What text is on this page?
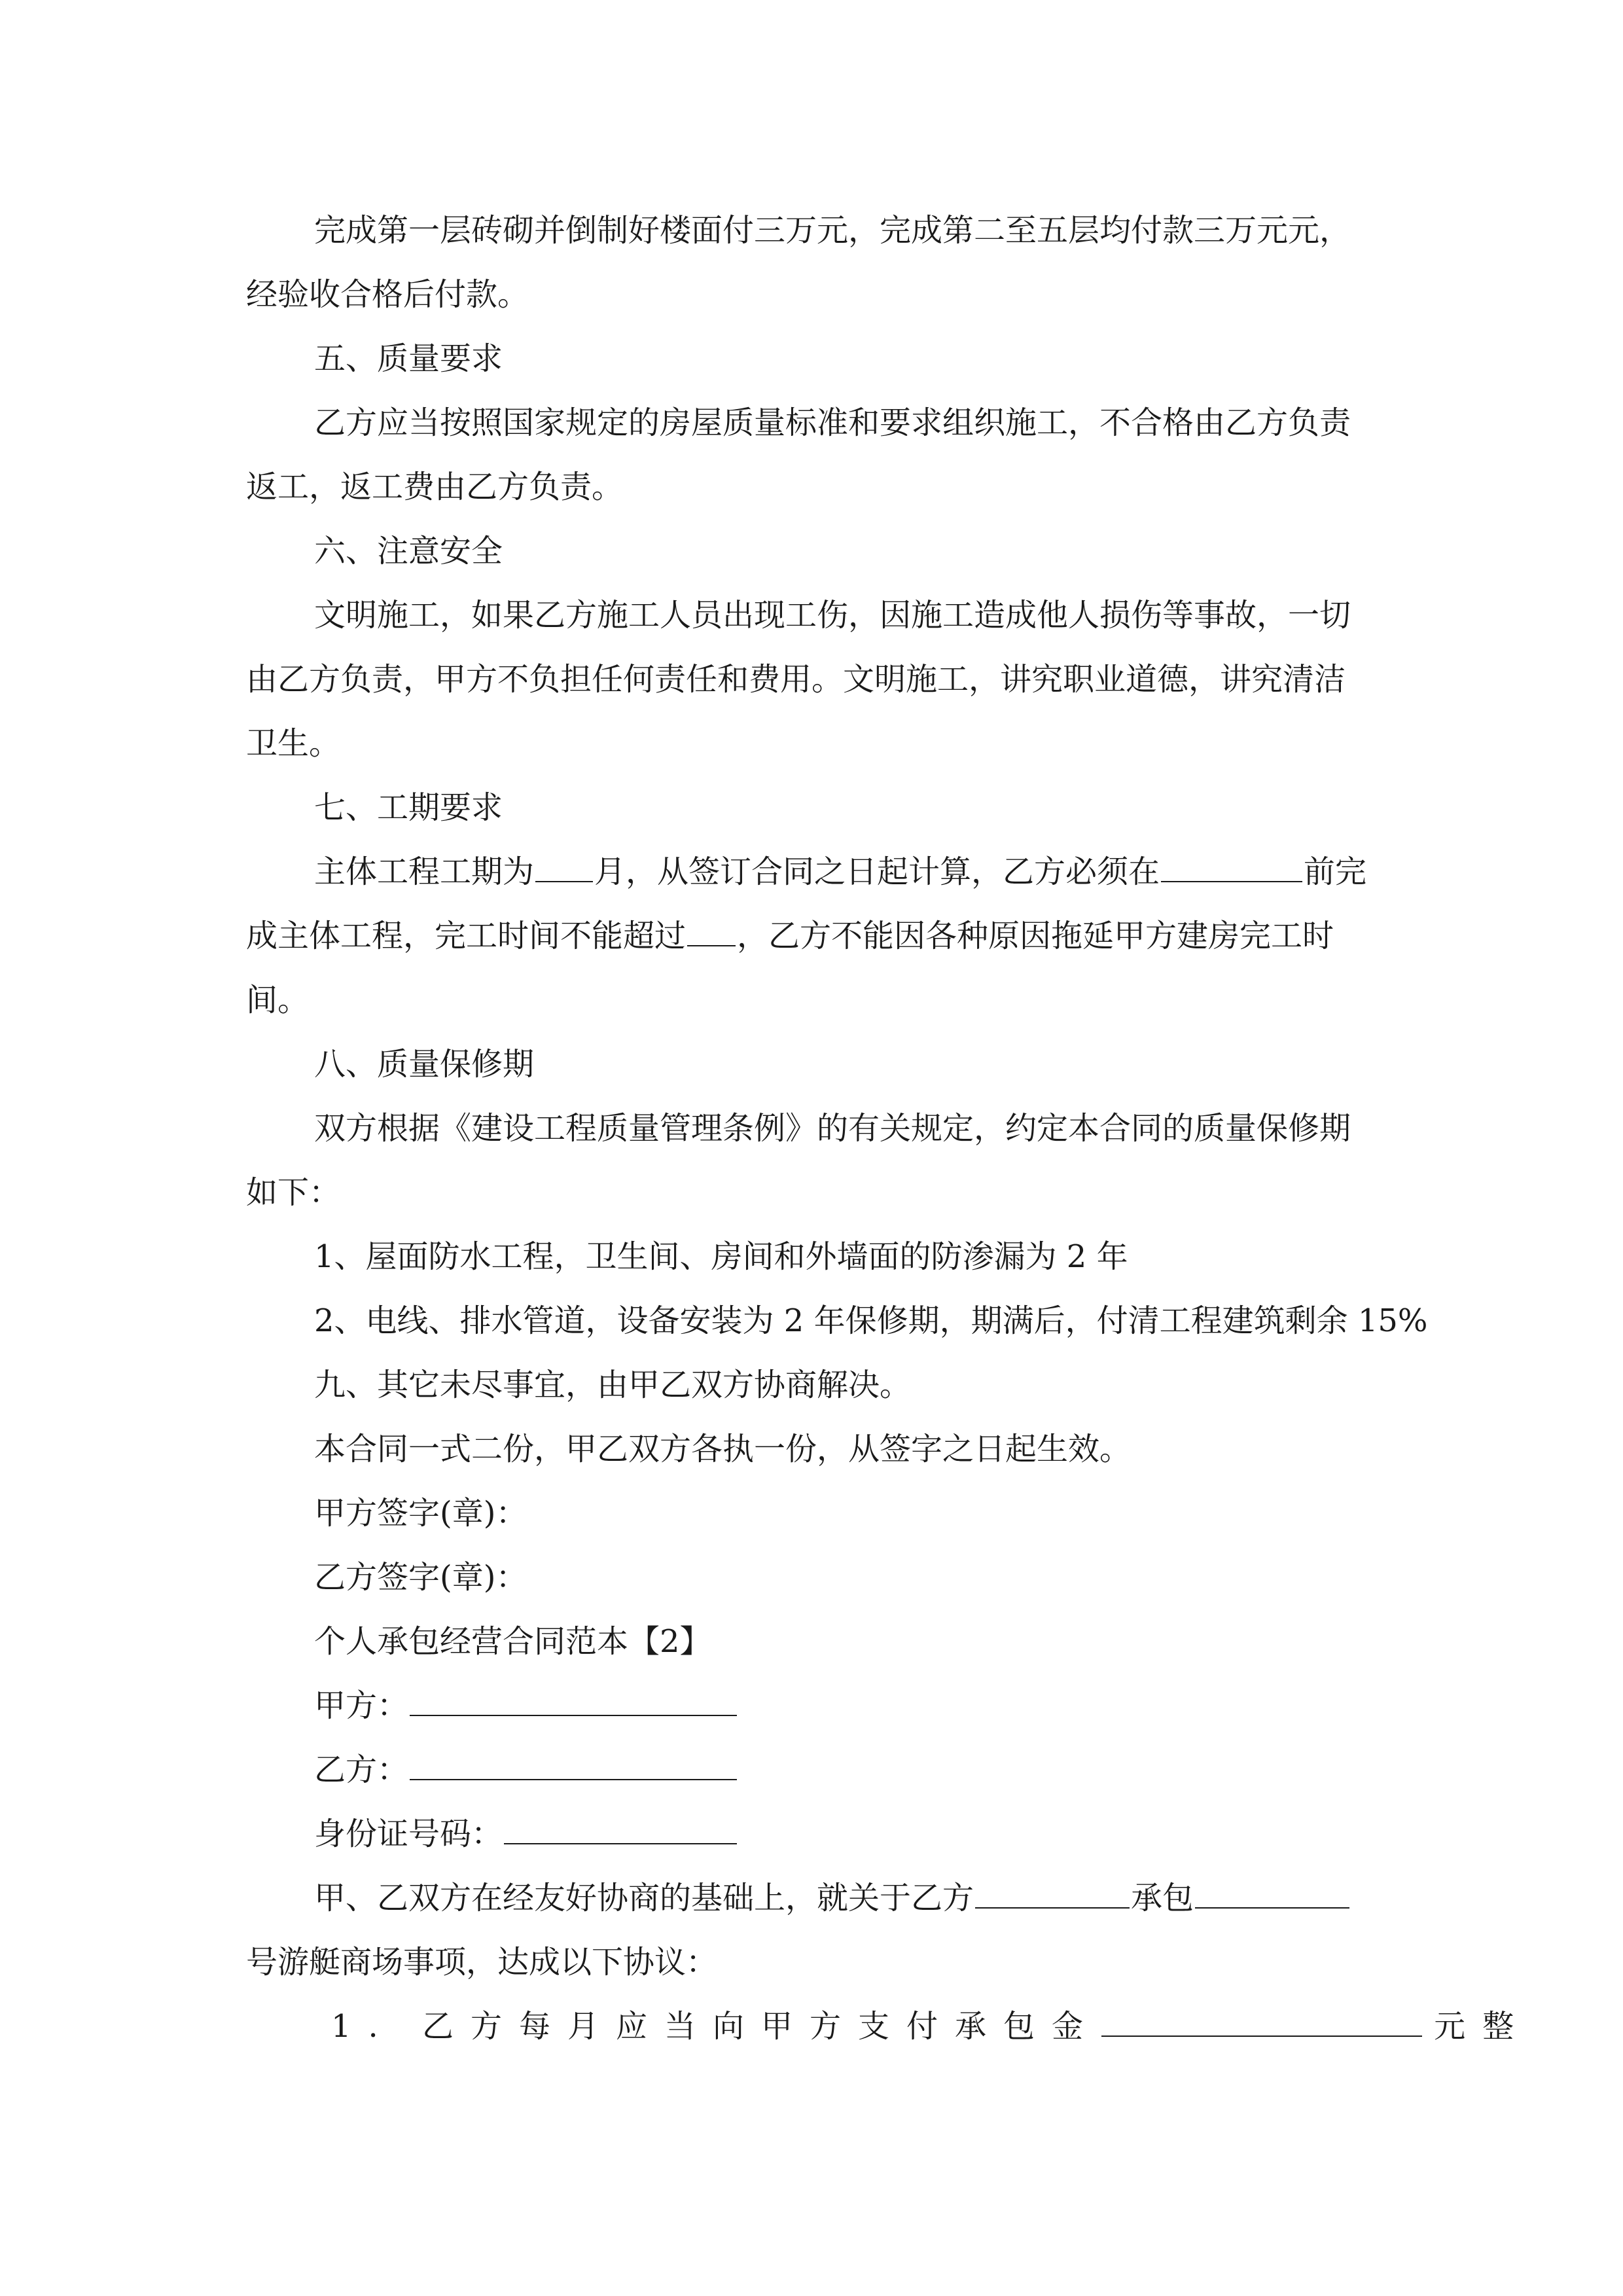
完成第一层砖砌并倒制好楼面付三万元，完成第二至五层均付款三万元元，
经验收合格后付款。
五、质量要求
乙方应当按照国家规定的房屋质量标准和要求组织施工，不合格由乙方负责
返工，返工费由乙方负责。
六、注意安全
文明施工，如果乙方施工人员出现工伤，因施工造成他人损伤等事故，一切
由乙方负责，甲方不负担任何责任和费用。文明施工，讲究职业道德，讲究清洁
卫生。
七、工期要求
主体工程工期为 月，从签订合同之日起计算，乙方必须在	前完
成主体工程，完工时间不能超过 ，乙方不能因各种原因拖延甲方建房完工时
间。
八、质量保修期
双方根据《建设工程质量管理条例》的有关规定，约定本合同的质量保修期
如下：
1、屋面防水工程，卫生间、房间和外墙面的防渗漏为 2 年
2、电线、排水管道，设备安装为 2 年保修期，期满后，付清工程建筑剩余 15%
九、其它未尽事宜，由甲乙双方协商解决。
本合同一式二份，甲乙双方各执一份，从签字之日起生效。
甲方签字(章)：
乙方签字(章)：
个人承包经营合同范本【2】
甲方：
乙方：
身份证号码：
甲、乙双方在经友好协商的基础上，就关于乙方	承包
号游艇商场事项，达成以下协议：
1. 乙方每月应当向甲方支付承包金	元整
